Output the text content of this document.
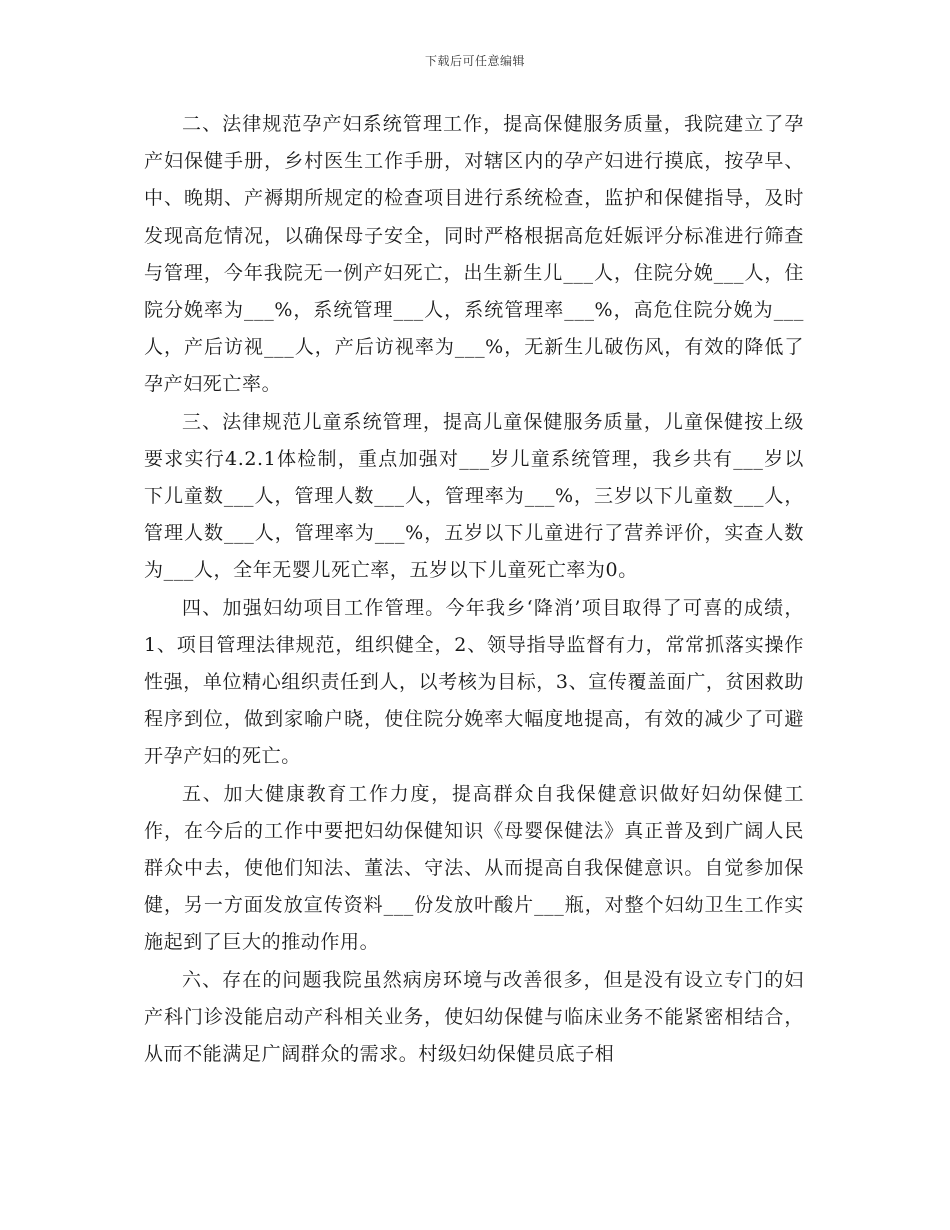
下载后可任意编辑

二、法律规范孕产妇系统管理工作，提高保健服务质量，我院建立了孕产妇保健手册，乡村医生工作手册，对辖区内的孕产妇进行摸底，按孕早、中、晚期、产褥期所规定的检查项目进行系统检查，监护和保健指导，及时发现高危情况，以确保母子安全，同时严格根据高危妊娠评分标准进行筛查与管理，今年我院无一例产妇死亡，出生新生儿___人，住院分娩___人，住院分娩率为___%，系统管理___人，系统管理率___%，高危住院分娩为___人，产后访视___人，产后访视率为___%，无新生儿破伤风，有效的降低了孕产妇死亡率。

三、法律规范儿童系统管理，提高儿童保健服务质量，儿童保健按上级要求实行4.2.1体检制，重点加强对___岁儿童系统管理，我乡共有___岁以下儿童数___人，管理人数___人，管理率为___%，三岁以下儿童数___人，管理人数___人，管理率为___%，五岁以下儿童进行了营养评价，实查人数为___人，全年无婴儿死亡率，五岁以下儿童死亡率为0。

四、加强妇幼项目工作管理。今年我乡‘降消’项目取得了可喜的成绩，1、项目管理法律规范，组织健全，2、领导指导监督有力，常常抓落实操作性强，单位精心组织责任到人，以考核为目标，3、宣传覆盖面广，贫困救助程序到位，做到家喻户晓，使住院分娩率大幅度地提高，有效的减少了可避开孕产妇的死亡。

五、加大健康教育工作力度，提高群众自我保健意识做好妇幼保健工作，在今后的工作中要把妇幼保健知识《母婴保健法》真正普及到广阔人民群众中去，使他们知法、董法、守法、从而提高自我保健意识。自觉参加保健，另一方面发放宣传资料___份发放叶酸片___瓶，对整个妇幼卫生工作实施起到了巨大的推动作用。

六、存在的问题我院虽然病房环境与改善很多，但是没有设立专门的妇产科门诊没能启动产科相关业务，使妇幼保健与临床业务不能紧密相结合，从而不能满足广阔群众的需求。村级妇幼保健员底子相
